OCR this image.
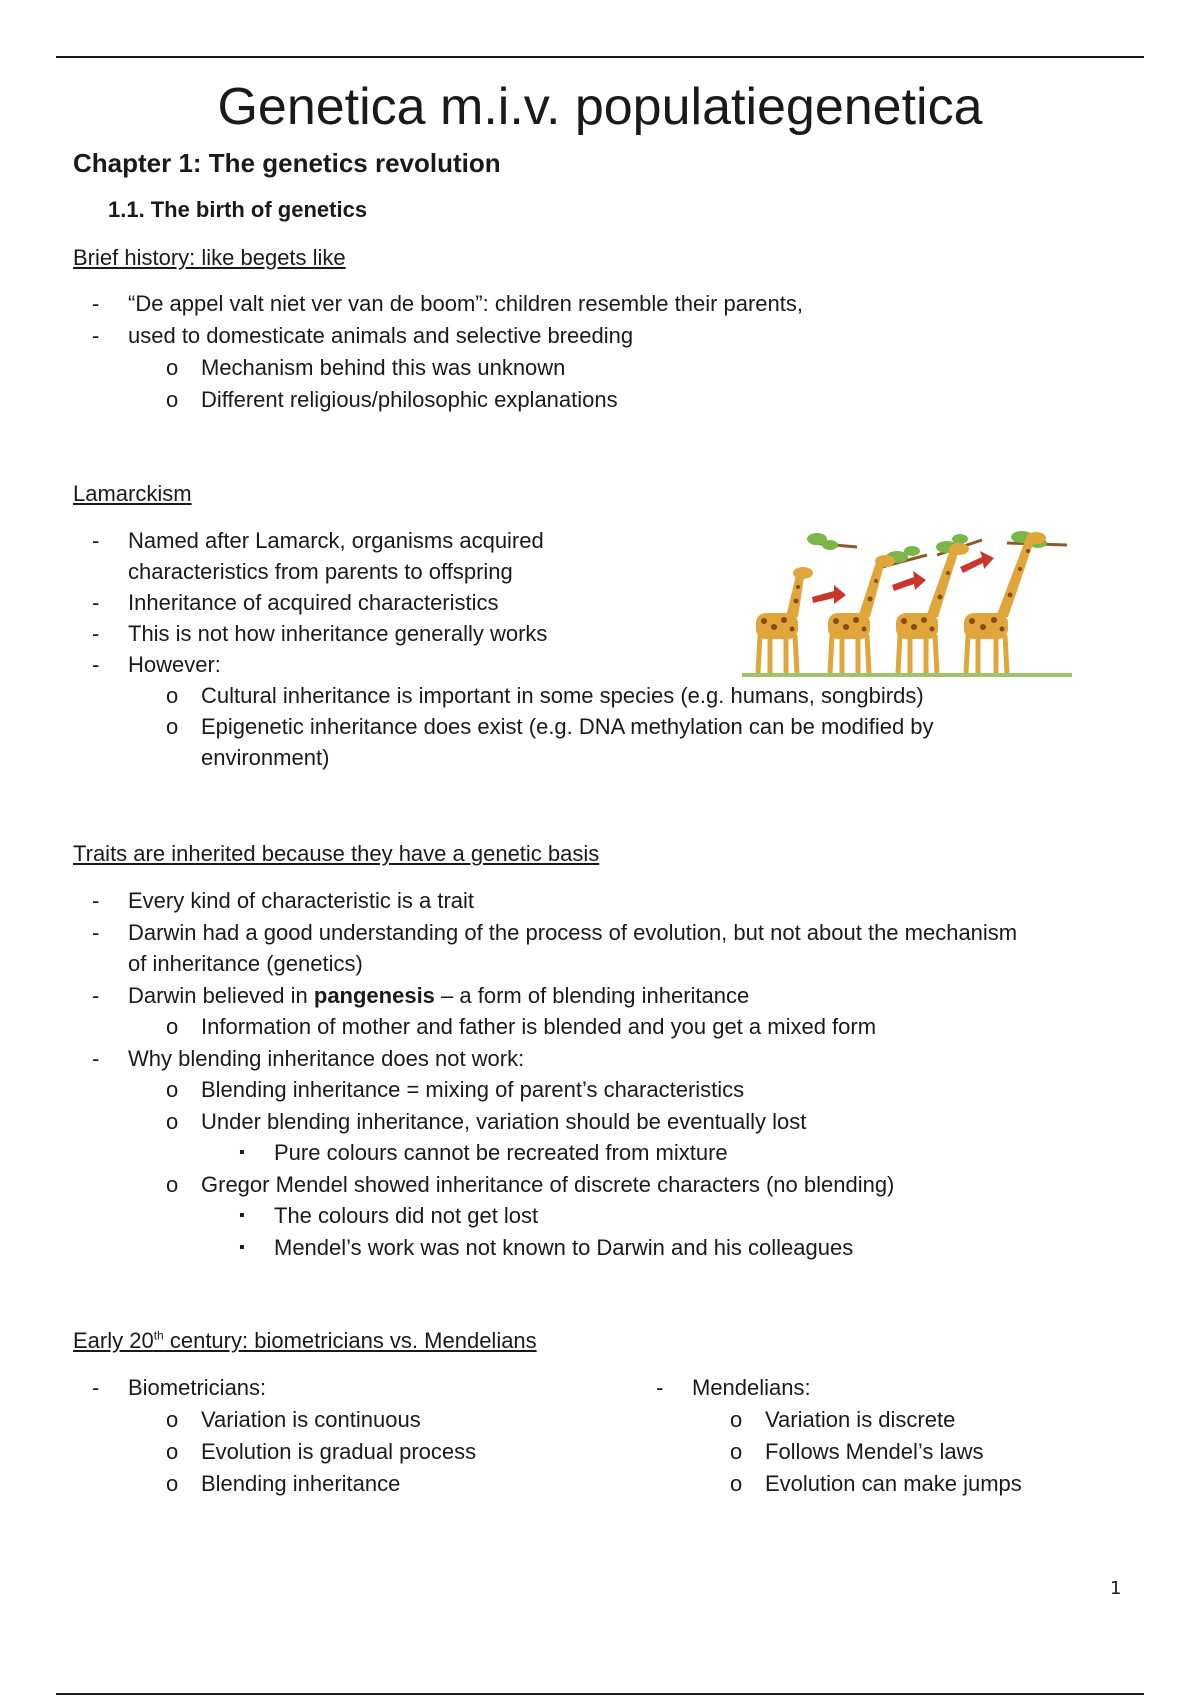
Genetica m.i.v. populatiegenetica
Chapter 1: The genetics revolution
1.1. The birth of genetics
Brief history: like begets like
- “De appel valt niet ver van de boom”: children resemble their parents,
- used to domesticate animals and selective breeding
o Mechanism behind this was unknown
o Different religious/philosophic explanations
Lamarckism
- Named after Lamarck, organisms acquired
characteristics from parents to offspring
- Inheritance of acquired characteristics
- This is not how inheritance generally works
- However:
o Cultural inheritance is important in some species (e.g. humans, songbirds)
o Epigenetic inheritance does exist (e.g. DNA methylation can be modified by
environment)
Traits are inherited because they have a genetic basis
- Every kind of characteristic is a trait
- Darwin had a good understanding of the process of evolution, but not about the mechanism
of inheritance (genetics)
- Darwin believed in pangenesis – a form of blending inheritance
o Information of mother and father is blended and you get a mixed form
- Why blending inheritance does not work:
o Blending inheritance = mixing of parent’s characteristics
o Under blending inheritance, variation should be eventually lost
▪ Pure colours cannot be recreated from mixture
o Gregor Mendel showed inheritance of discrete characters (no blending)
▪ The colours did not get lost
▪ Mendel’s work was not known to Darwin and his colleagues
Early 20th century: biometricians vs. Mendelians
- Biometricians:
o Variation is continuous
o Evolution is gradual process
o Blending inheritance
- Mendelians:
o Variation is discrete
o Follows Mendel’s laws
o Evolution can make jumps

1
